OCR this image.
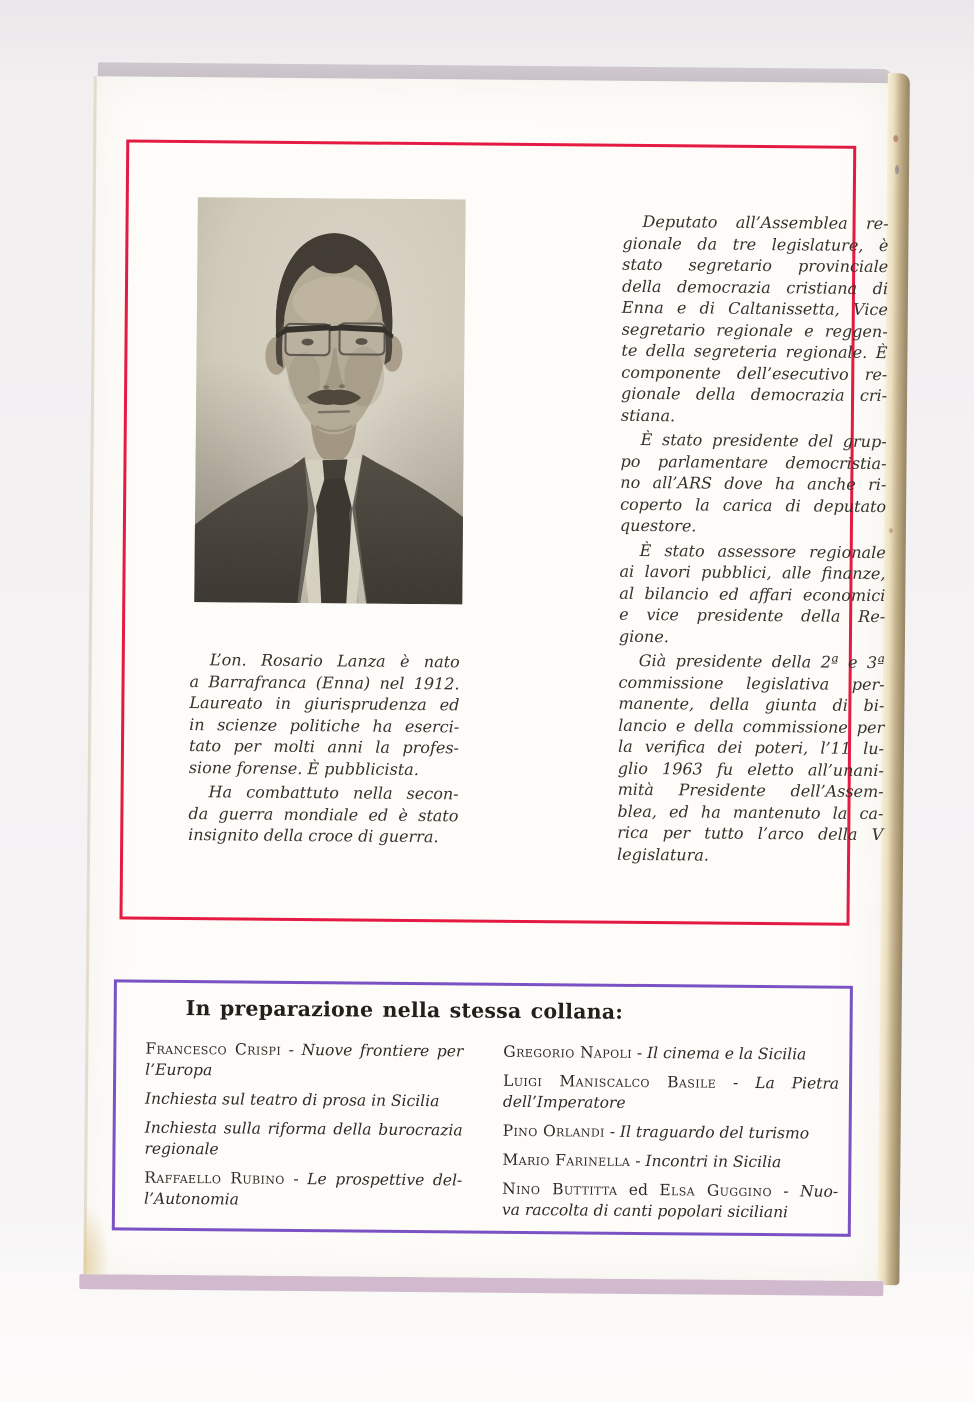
Deputato all’Assemblea re-
gionale da tre legislature, è
stato segretario provinciale
della democrazia cristiana di
Enna e di Caltanissetta, Vice
segretario regionale e reggen-
te della segreteria regionale. È
componente dell’esecutivo re-
gionale della democrazia cri-
stiana.
È stato presidente del grup-
po parlamentare democristia-
no all’ARS dove ha anche ri-
coperto la carica di deputato
questore.
È stato assessore regionale
ai lavori pubblici, alle finanze,
al bilancio ed affari economici
e vice presidente della Re-
gione.
Già presidente della 2ª e 3ª
commissione legislativa per-
manente, della giunta di bi-
lancio e della commissione per
la verifica dei poteri, l’11 lu-
glio 1963 fu eletto all’unani-
mità Presidente dell’Assem-
blea, ed ha mantenuto la ca-
rica per tutto l’arco della V
legislatura.
L’on. Rosario Lanza è nato
a Barrafranca (Enna) nel 1912.
Laureato in giurisprudenza ed
in scienze politiche ha eserci-
tato per molti anni la profes-
sione forense. È pubblicista.
Ha combattuto nella secon-
da guerra mondiale ed è stato
insignito della croce di guerra.
In preparazione nella stessa collana:
Francesco Crispi - Nuove frontiere per
l’Europa
Inchiesta sul teatro di prosa in Sicilia
Inchiesta sulla riforma della burocrazia
regionale
Raffaello Rubino - Le prospettive del-
l’Autonomia
Gregorio Napoli - Il cinema e la Sicilia
Luigi Maniscalco Basile - La Pietra
dell’Imperatore
Pino Orlandi - Il traguardo del turismo
Mario Farinella - Incontri in Sicilia
Nino Buttitta ed Elsa Guggino - Nuo-
va raccolta di canti popolari siciliani
